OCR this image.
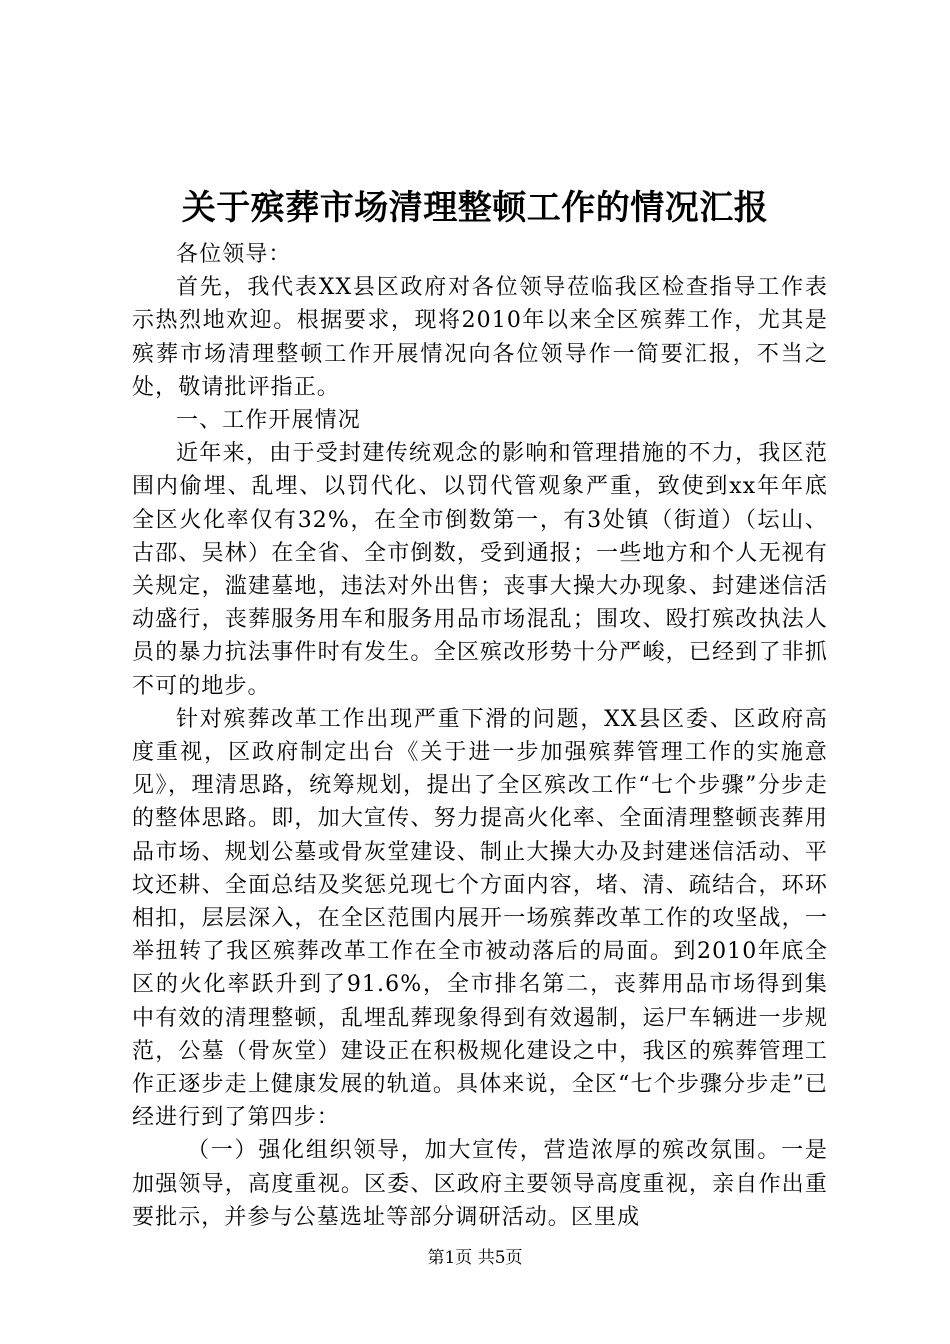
关于殡葬市场清理整顿工作的情况汇报

各位领导：

首先，我代表XX县区政府对各位领导莅临我区检查指导工作表示热烈地欢迎。根据要求，现将2010年以来全区殡葬工作，尤其是殡葬市场清理整顿工作开展情况向各位领导作一简要汇报，不当之处，敬请批评指正。

一、工作开展情况

近年来，由于受封建传统观念的影响和管理措施的不力，我区范围内偷埋、乱埋、以罚代化、以罚代管观象严重，致使到xx年年底全区火化率仅有32%，在全市倒数第一，有3处镇（街道）（坛山、古邵、吴林）在全省、全市倒数，受到通报；一些地方和个人无视有关规定，滥建墓地，违法对外出售；丧事大操大办现象、封建迷信活动盛行，丧葬服务用车和服务用品市场混乱；围攻、殴打殡改执法人员的暴力抗法事件时有发生。全区殡改形势十分严峻，已经到了非抓不可的地步。

针对殡葬改革工作出现严重下滑的问题，XX县区委、区政府高度重视，区政府制定出台《关于进一步加强殡葬管理工作的实施意见》，理清思路，统筹规划，提出了全区殡改工作“七个步骤”分步走的整体思路。即，加大宣传、努力提高火化率、全面清理整顿丧葬用品市场、规划公墓或骨灰堂建设、制止大操大办及封建迷信活动、平坟还耕、全面总结及奖惩兑现七个方面内容，堵、清、疏结合，环环相扣，层层深入，在全区范围内展开一场殡葬改革工作的攻坚战，一举扭转了我区殡葬改革工作在全市被动落后的局面。到2010年底全区的火化率跃升到了91.6%，全市排名第二，丧葬用品市场得到集中有效的清理整顿，乱埋乱葬现象得到有效遏制，运尸车辆进一步规范，公墓（骨灰堂）建设正在积极规化建设之中，我区的殡葬管理工作正逐步走上健康发展的轨道。具体来说，全区“七个步骤分步走”已经进行到了第四步：

（一）强化组织领导，加大宣传，营造浓厚的殡改氛围。一是加强领导，高度重视。区委、区政府主要领导高度重视，亲自作出重要批示，并参与公墓选址等部分调研活动。区里成

第1页 共5页
